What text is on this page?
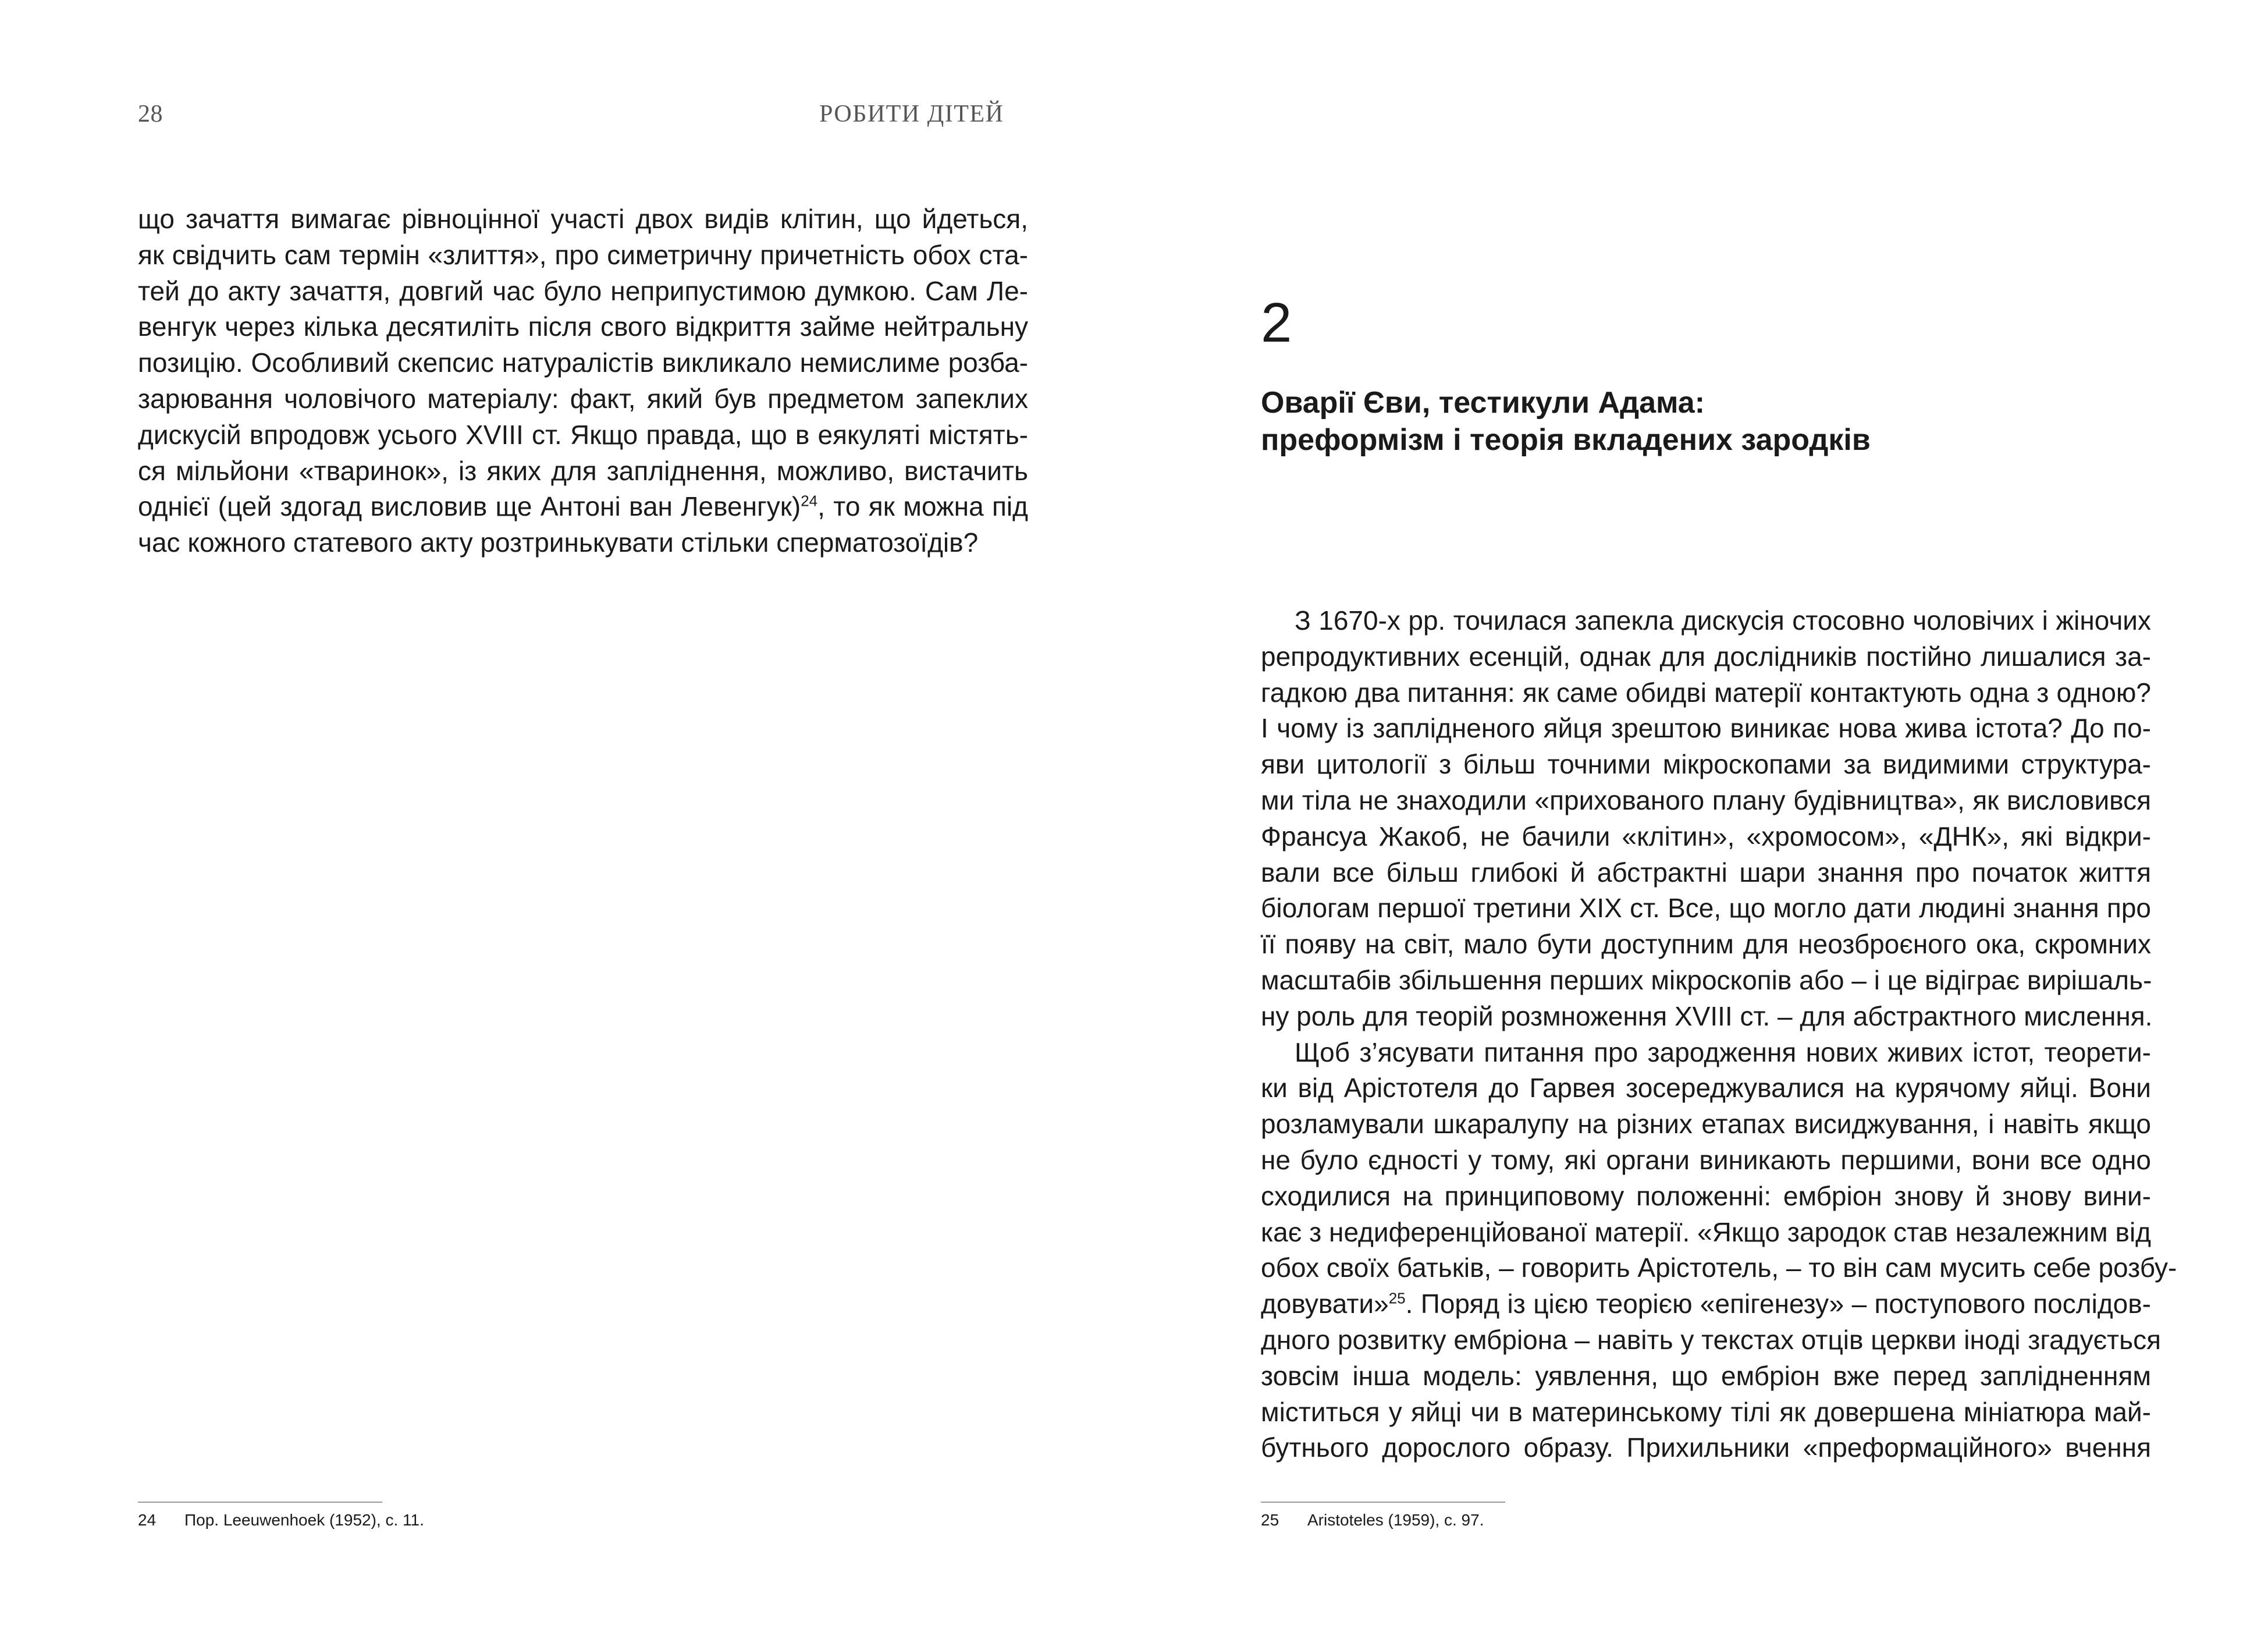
28
що зачаття вимагає рівноцінної участі двох видів клітин, що йдеться,
як свідчить сам термін «злиття», про симетричну причетність обох ста-
тей до акту зачаття, довгий час було неприпустимою думкою. Сам Ле-
венгук через кілька десятиліть після свого відкриття займе нейтральну
позицію. Особливий скепсис натуралістів викликало немислиме розба-
зарювання чоловічого матеріалу: факт, який був предметом запеклих
дискусій впродовж усього XVIII ст. Якщо правда, що в еякуляті містять-
ся мільйони «тваринок», із яких для запліднення, можливо, вистачить
однієї (цей здогад висловив ще Антоні ван Левенгук)$^{24}$, то як можна під
час кожного статевого акту розтринькувати стільки сперматозоїдів?
24 Пор. Leeuwenhoek (1952), с. 11.
РОБИТИ ДІТЕЙ
2
Оварії Єви, тестикули Адама:
преформізм і теорія вкладених зародків
З 1670-х рр. точилася запекла дискусія стосовно чоловічих і жіночих
репродуктивних есенцій, однак для дослідників постійно лишалися за-
гадкою два питання: як саме обидві матерії контактують одна з одною?
І чому із заплідненого яйця зрештою виникає нова жива істота? До по-
яви цитології з більш точними мікроскопами за видимими структура-
ми тіла не знаходили «прихованого плану будівництва», як висловився
Франсуа Жакоб, не бачили «клітин», «хромосом», «ДНК», які відкри-
вали все більш глибокі й абстрактні шари знання про початок життя
біологам першої третини XIX ст. Все, що могло дати людині знання про
її появу на світ, мало бути доступним для неозброєного ока, скромних
масштабів збільшення перших мікроскопів або – і це відіграє вирішаль-
ну роль для теорій розмноження XVIII ст. – для абстрактного мислення.
Щоб з’ясувати питання про зародження нових живих істот, теорети-
ки від Арістотеля до Гарвея зосереджувалися на курячому яйці. Вони
розламували шкаралупу на різних етапах висиджування, і навіть якщо
не було єдності у тому, які органи виникають першими, вони все одно
сходилися на принциповому положенні: ембріон знову й знову вини-
кає з недиференційованої матерії. «Якщо зародок став незалежним від
обох своїх батьків, – говорить Арістотель, – то він сам мусить себе розбу-
довувати»$^{25}$. Поряд із цією теорією «епігенезу» – поступового послідов-
дного розвитку ембріона – навіть у текстах отців церкви іноді згадується
зовсім інша модель: уявлення, що ембріон вже перед заплідненням
міститься у яйці чи в материнському тілі як довершена мініатюра май-
бутнього дорослого образу. Прихильники «преформаційного» вчення
25 Aristoteles (1959), с. 97.
